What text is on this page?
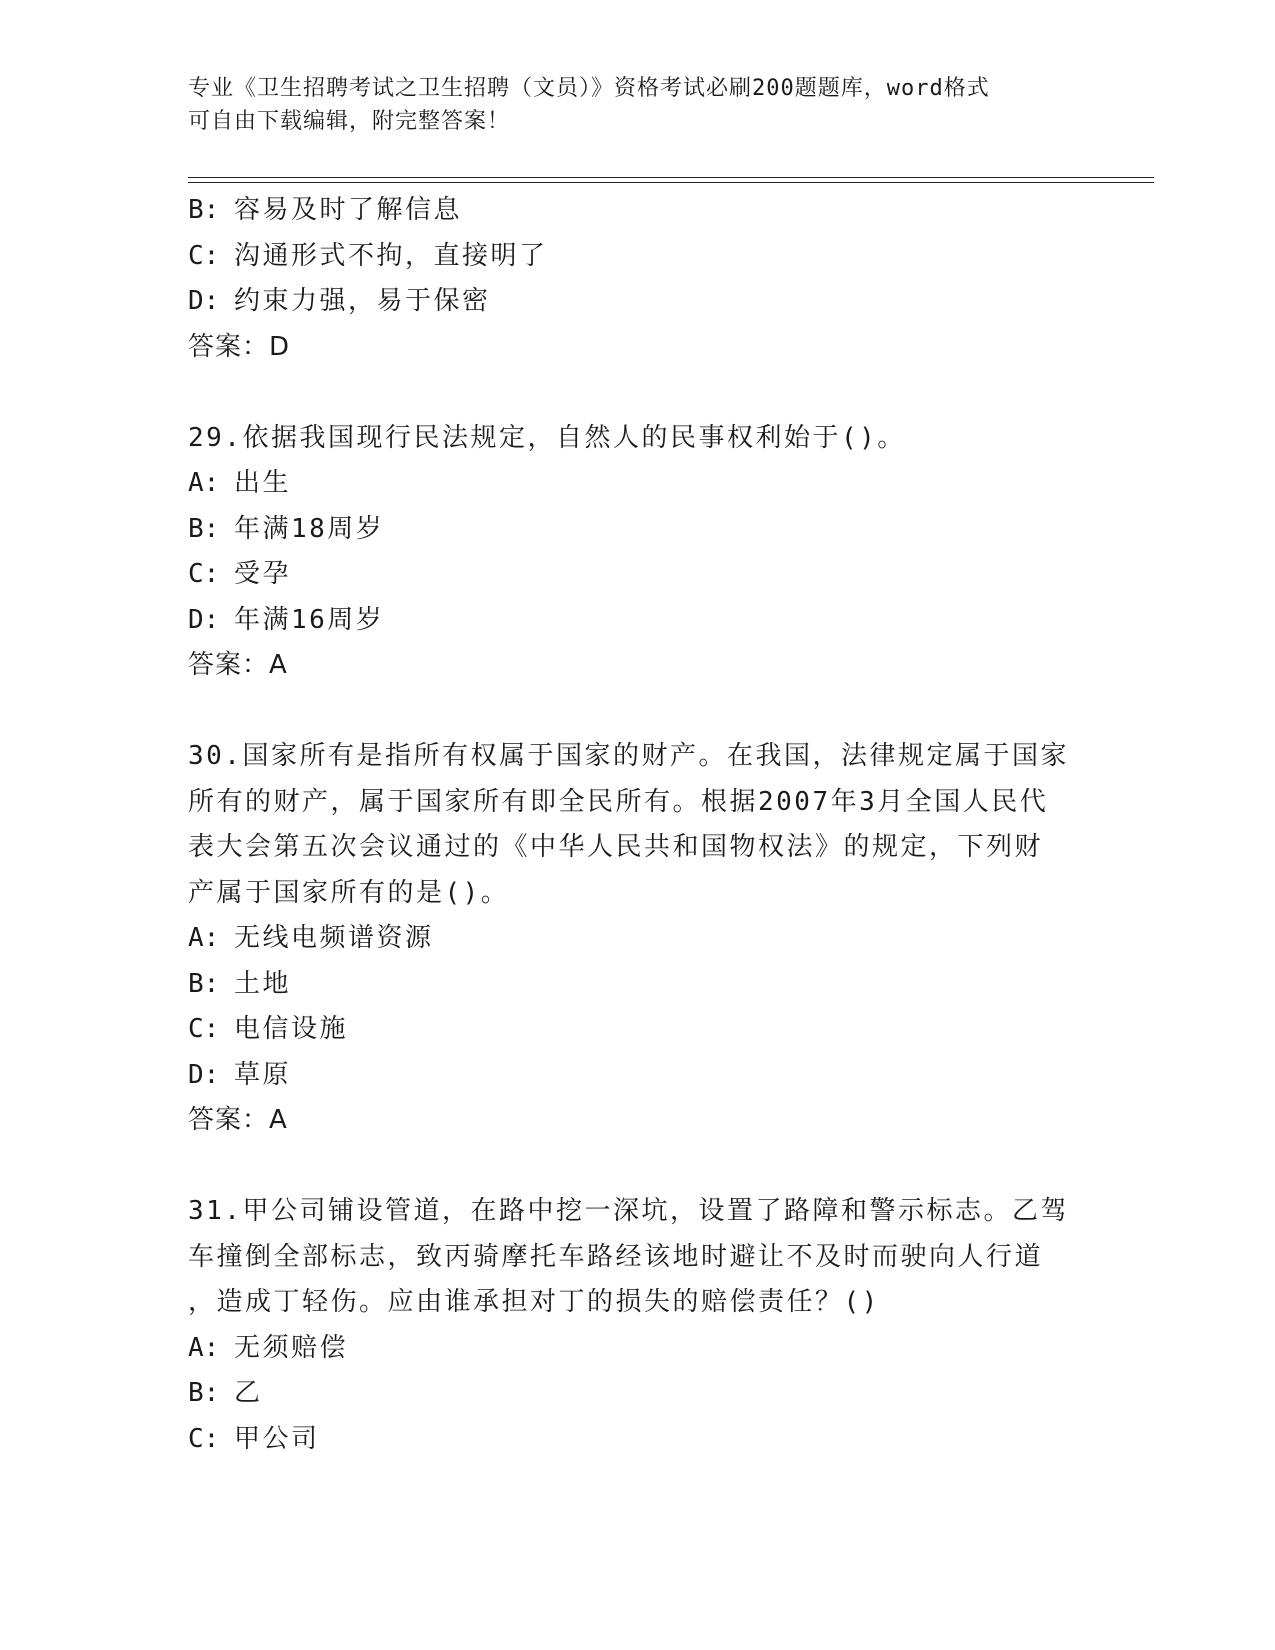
专业《卫生招聘考试之卫生招聘（文员）》资格考试必刷200题题库，word格式
可自由下载编辑，附完整答案！
B: 容易及时了解信息
C: 沟通形式不拘，直接明了
D: 约束力强，易于保密
答案：D
29.依据我国现行民法规定，自然人的民事权利始于()。
A: 出生
B: 年满18周岁
C: 受孕
D: 年满16周岁
答案：A
30.国家所有是指所有权属于国家的财产。在我国，法律规定属于国家
所有的财产，属于国家所有即全民所有。根据2007年3月全国人民代
表大会第五次会议通过的《中华人民共和国物权法》的规定，下列财
产属于国家所有的是()。
A: 无线电频谱资源
B: 土地
C: 电信设施
D: 草原
答案：A
31.甲公司铺设管道，在路中挖一深坑，设置了路障和警示标志。乙驾
车撞倒全部标志，致丙骑摩托车路经该地时避让不及时而驶向人行道
，造成丁轻伤。应由谁承担对丁的损失的赔偿责任？()
A: 无须赔偿
B: 乙
C: 甲公司
